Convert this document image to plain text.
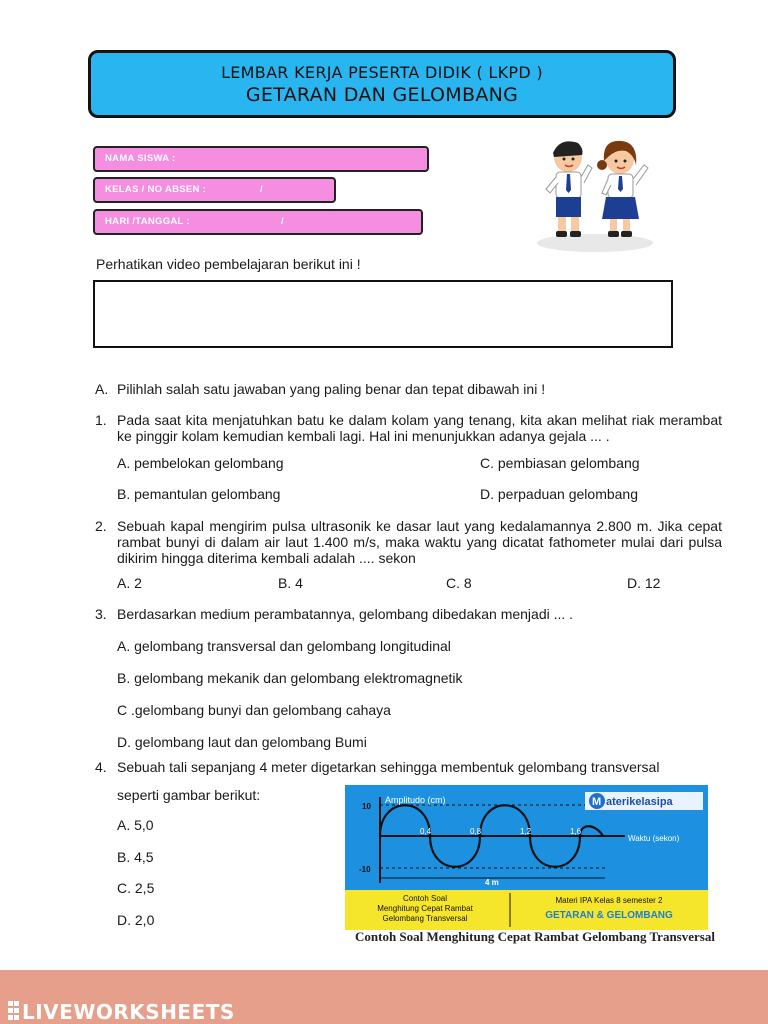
LEMBAR KERJA PESERTA DIDIK ( LKPD )
GETARAN DAN GELOMBANG
NAMA SISWA :
KELAS / NO ABSEN :	/
HARI /TANGGAL :	/
Perhatikan video pembelajaran berikut ini !
A. Pilihlah salah satu jawaban yang paling benar dan tepat dibawah ini !
1. Pada saat kita menjatuhkan batu ke dalam kolam yang tenang, kita akan melihat riak merambat ke pinggir kolam kemudian kembali lagi. Hal ini menunjukkan adanya gejala ... .
A. pembelokan gelombang	C. pembiasan gelombang
B. pemantulan gelombang	D. perpaduan gelombang
2. Sebuah kapal mengirim pulsa ultrasonik ke dasar laut yang kedalamannya 2.800 m. Jika cepat rambat bunyi di dalam air laut 1.400 m/s, maka waktu yang dicatat fathometer mulai dari pulsa dikirim hingga diterima kembali adalah .... sekon
A. 2	B. 4	C. 8	D. 12
3. Berdasarkan medium perambatannya, gelombang dibedakan menjadi ... .
A. gelombang transversal dan gelombang longitudinal
B. gelombang mekanik dan gelombang elektromagnetik
C .gelombang bunyi dan gelombang cahaya
D. gelombang laut dan gelombang Bumi
4. Sebuah tali sepanjang 4 meter digetarkan sehingga membentuk gelombang transversal
seperti gambar berikut:
A. 5,0
B. 4,5
C. 2,5
D. 2,0
Amplitudo (cm)
10
-10
0,4	0,8	1,2	1,6
Waktu (sekon)
4 m
M aterikelasipa
Contoh Soal
Menghitung Cepat Rambat
Gelombang Transversal
Materi IPA Kelas 8 semester 2
GETARAN & GELOMBANG
Contoh Soal Menghitung Cepat Rambat Gelombang Transversal
LIVEWORKSHEETS
